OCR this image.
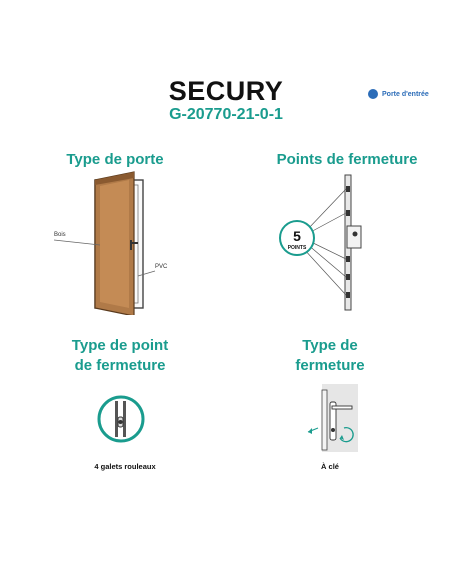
SECURY
G-20770-21-0-1
Porte d'entrée
Type de porte
Bois
PVC
Points de fermeture
5
POINTS
Type de point
de fermeture
4 galets rouleaux
Type de
fermeture
À clé
